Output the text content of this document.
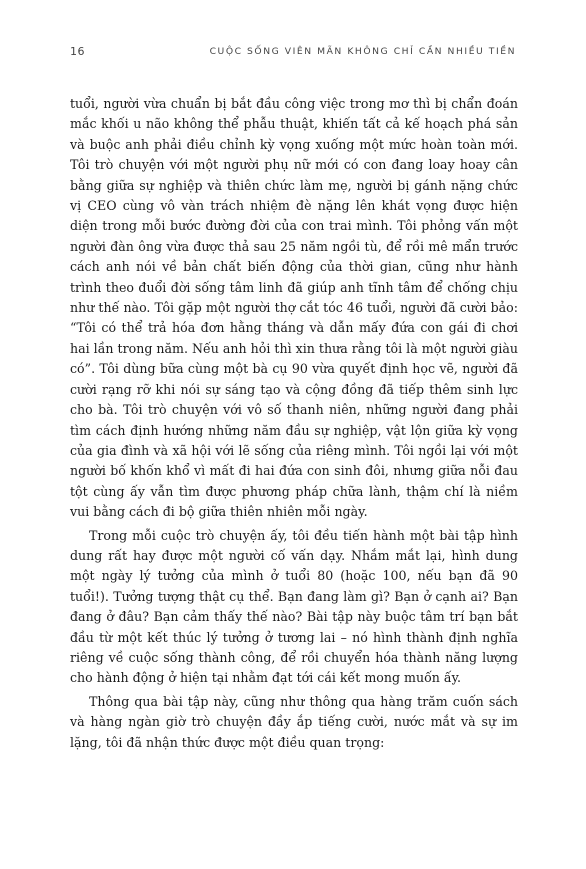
16	CUỘC SỐNG VIÊN MÃN KHÔNG CHỈ CẦN NHIỀU TIỀN

tuổi, người vừa chuẩn bị bắt đầu công việc trong mơ thì bị chẩn đoán mắc khối u não không thể phẫu thuật, khiến tất cả kế hoạch phá sản và buộc anh phải điều chỉnh kỳ vọng xuống một mức hoàn toàn mới. Tôi trò chuyện với một người phụ nữ mới có con đang loay hoay cân bằng giữa sự nghiệp và thiên chức làm mẹ, người bị gánh nặng chức vị CEO cùng vô vàn trách nhiệm đè nặng lên khát vọng được hiện diện trong mỗi bước đường đời của con trai mình. Tôi phỏng vấn một người đàn ông vừa được thả sau 25 năm ngồi tù, để rồi mê mẩn trước cách anh nói về bản chất biến động của thời gian, cũng như hành trình theo đuổi đời sống tâm linh đã giúp anh tĩnh tâm để chống chịu như thế nào. Tôi gặp một người thợ cắt tóc 46 tuổi, người đã cười bảo: “Tôi có thể trả hóa đơn hằng tháng và dẫn mấy đứa con gái đi chơi hai lần trong năm. Nếu anh hỏi thì xin thưa rằng tôi là một người giàu có”. Tôi dùng bữa cùng một bà cụ 90 vừa quyết định học vẽ, người đã cười rạng rỡ khi nói sự sáng tạo và cộng đồng đã tiếp thêm sinh lực cho bà. Tôi trò chuyện với vô số thanh niên, những người đang phải tìm cách định hướng những năm đầu sự nghiệp, vật lộn giữa kỳ vọng của gia đình và xã hội với lẽ sống của riêng mình. Tôi ngồi lại với một người bố khốn khổ vì mất đi hai đứa con sinh đôi, nhưng giữa nỗi đau tột cùng ấy vẫn tìm được phương pháp chữa lành, thậm chí là niềm vui bằng cách đi bộ giữa thiên nhiên mỗi ngày.

Trong mỗi cuộc trò chuyện ấy, tôi đều tiến hành một bài tập hình dung rất hay được một người cố vấn dạy. Nhắm mắt lại, hình dung một ngày lý tưởng của mình ở tuổi 80 (hoặc 100, nếu bạn đã 90 tuổi!). Tưởng tượng thật cụ thể. Bạn đang làm gì? Bạn ở cạnh ai? Bạn đang ở đâu? Bạn cảm thấy thế nào? Bài tập này buộc tâm trí bạn bắt đầu từ một kết thúc lý tưởng ở tương lai – nó hình thành định nghĩa riêng về cuộc sống thành công, để rồi chuyển hóa thành năng lượng cho hành động ở hiện tại nhằm đạt tới cái kết mong muốn ấy.

Thông qua bài tập này, cũng như thông qua hàng trăm cuốn sách và hàng ngàn giờ trò chuyện đầy ắp tiếng cười, nước mắt và sự im lặng, tôi đã nhận thức được một điều quan trọng:
